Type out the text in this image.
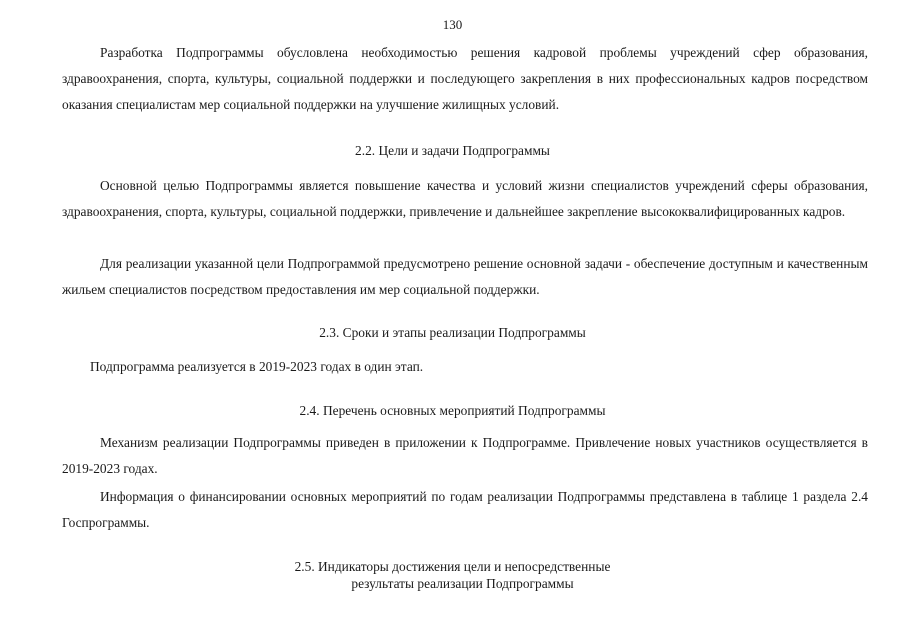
130

Разработка Подпрограммы обусловлена необходимостью решения кадровой проблемы учреждений сфер образования, здравоохранения, спорта, культуры, социальной поддержки и последующего закрепления в них профессиональных кадров посредством оказания специалистам мер социальной поддержки на улучшение жилищных условий.

2.2. Цели и задачи Подпрограммы

Основной целью Подпрограммы является повышение качества и условий жизни специалистов учреждений сферы образования, здравоохранения, спорта, культуры, социальной поддержки, привлечение и дальнейшее закрепление высококвалифицированных кадров.

Для реализации указанной цели Подпрограммой предусмотрено решение основной задачи - обеспечение доступным и качественным жильем специалистов посредством предоставления им мер социальной поддержки.

2.3. Сроки и этапы реализации Подпрограммы

Подпрограмма реализуется в 2019-2023 годах в один этап.

2.4. Перечень основных мероприятий Подпрограммы

Механизм реализации Подпрограммы приведен в приложении к Подпрограмме. Привлечение новых участников осуществляется в 2019-2023 годах.

Информация о финансировании основных мероприятий по годам реализации Подпрограммы представлена в таблице 1 раздела 2.4 Госпрограммы.

2.5. Индикаторы достижения цели и непосредственные
результаты реализации Подпрограммы
